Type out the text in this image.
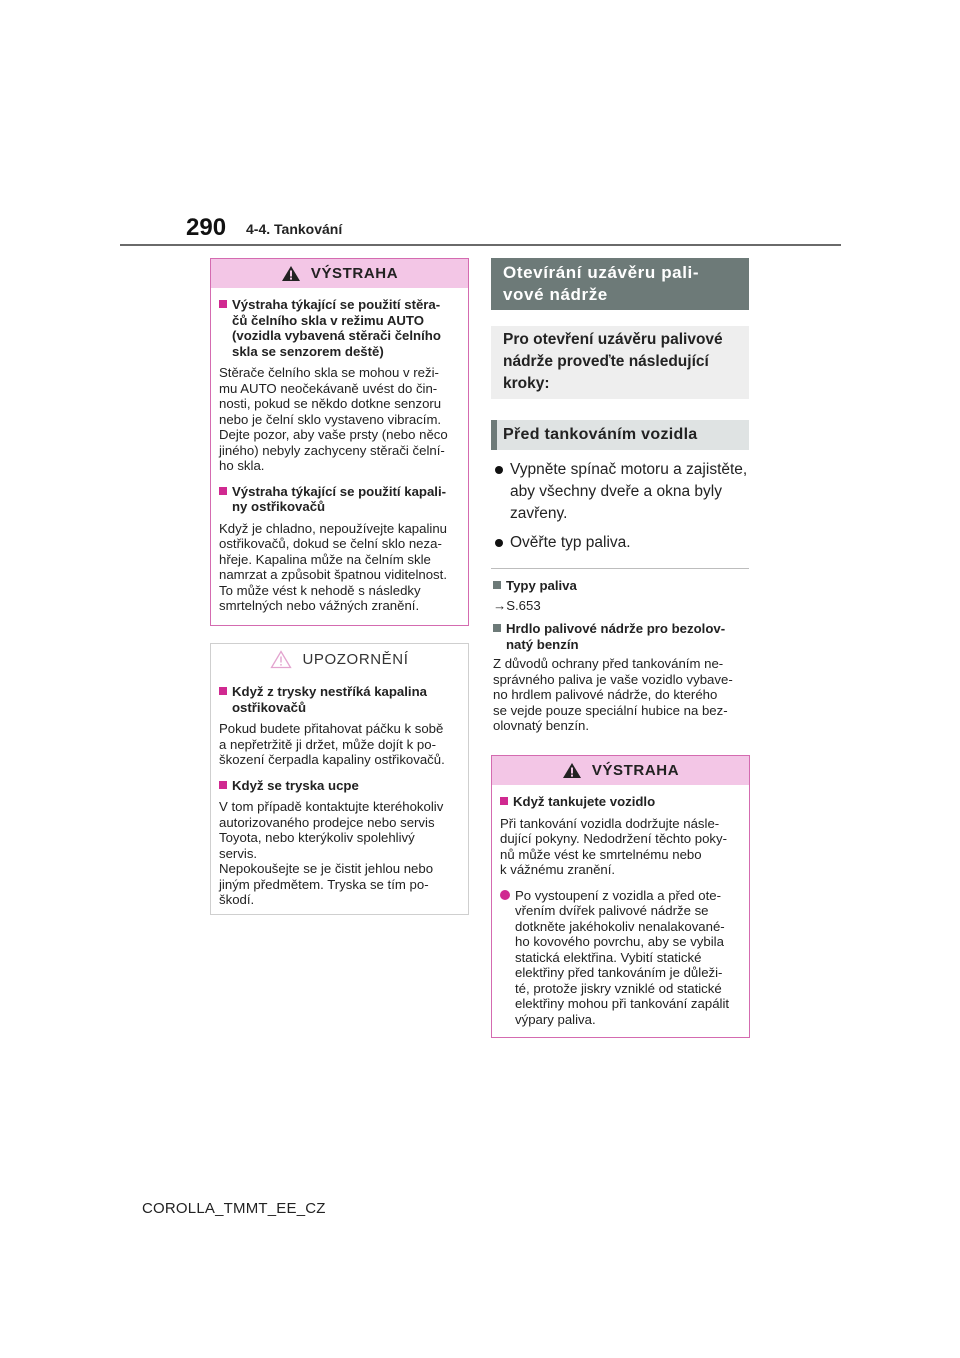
290 4-4. Tankování
VÝSTRAHA
Výstraha týkající se použití stěra-
čů čelního skla v režimu AUTO
(vozidla vybavená stěrači čelního
skla se senzorem deště)
Stěrače čelního skla se mohou v reži-
mu AUTO neočekávaně uvést do čin-
nosti, pokud se někdo dotkne senzoru
nebo je čelní sklo vystaveno vibracím.
Dejte pozor, aby vaše prsty (nebo něco
jiného) nebyly zachyceny stěrači čelní-
ho skla.
Výstraha týkající se použití kapali-
ny ostřikovačů
Když je chladno, nepoužívejte kapalinu
ostřikovačů, dokud se čelní sklo neza-
hřeje. Kapalina může na čelním skle
namrzat a způsobit špatnou viditelnost.
To může vést k nehodě s následky
smrtelných nebo vážných zranění.
UPOZORNĚNÍ
Když z trysky nestříká kapalina
ostřikovačů
Pokud budete přitahovat páčku k sobě
a nepřetržitě ji držet, může dojít k po-
škození čerpadla kapaliny ostřikovačů.
Když se tryska ucpe
V tom případě kontaktujte kteréhokoliv
autorizovaného prodejce nebo servis
Toyota, nebo kterýkoliv spolehlivý
servis.
Nepokoušejte se je čistit jehlou nebo
jiným předmětem. Tryska se tím po-
škodí.
Otevírání uzávěru pali-
vové nádrže
Pro otevření uzávěru palivové
nádrže proveďte následující
kroky:
Před tankováním vozidla
Vypněte spínač motoru a zajistěte,
aby všechny dveře a okna byly
zavřeny.
Ověřte typ paliva.
Typy paliva
→S.653
Hrdlo palivové nádrže pro bezolov-
natý benzín
Z důvodů ochrany před tankováním ne-
správného paliva je vaše vozidlo vybave-
no hrdlem palivové nádrže, do kterého
se vejde pouze speciální hubice na bez-
olovnatý benzín.
VÝSTRAHA
Když tankujete vozidlo
Při tankování vozidla dodržujte násle-
dující pokyny. Nedodržení těchto poky-
nů může vést ke smrtelnému nebo
k vážnému zranění.
Po vystoupení z vozidla a před ote-
vřením dvířek palivové nádrže se
dotkněte jakéhokoliv nenalakované-
ho kovového povrchu, aby se vybila
statická elektřina. Vybití statické
elektřiny před tankováním je důleži-
té, protože jiskry vzniklé od statické
elektřiny mohou při tankování zapálit
výpary paliva.
COROLLA_TMMT_EE_CZ
